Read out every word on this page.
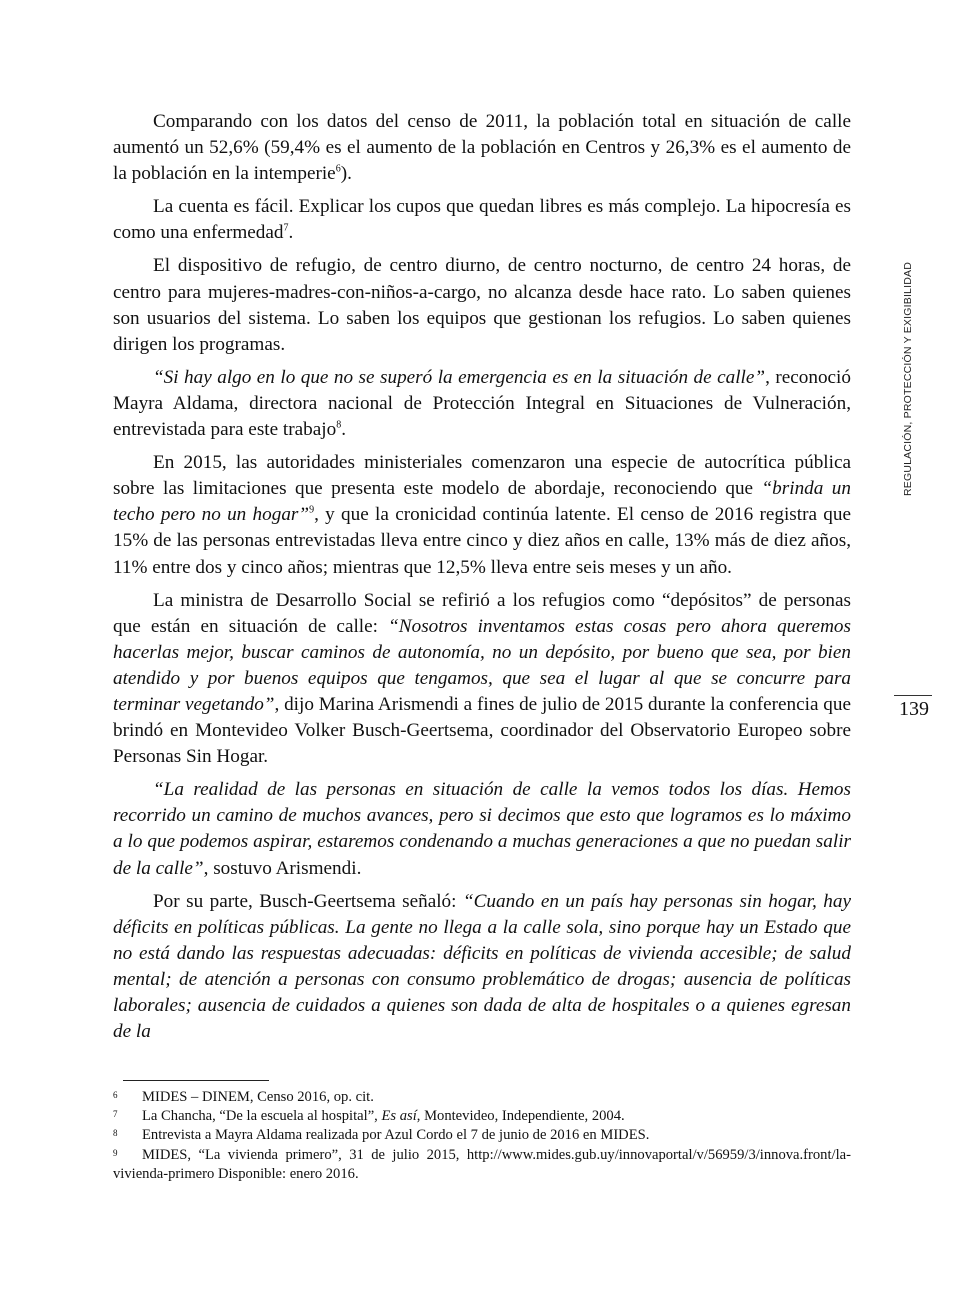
Comparando con los datos del censo de 2011, la población total en situación de calle aumentó un 52,6% (59,4% es el aumento de la población en Centros y 26,3% es el aumento de la población en la intemperie$^6$).

La cuenta es fácil. Explicar los cupos que quedan libres es más complejo. La hipocresía es como una enfermedad$^7$.

El dispositivo de refugio, de centro diurno, de centro nocturno, de centro 24 horas, de centro para mujeres-madres-con-niños-a-cargo, no alcanza desde hace rato. Lo saben quienes son usuarios del sistema. Lo saben los equipos que gestionan los refugios. Lo saben quienes dirigen los programas.

“Si hay algo en lo que no se superó la emergencia es en la situación de calle”, reconoció Mayra Aldama, directora nacional de Protección Integral en Situaciones de Vulneración, entrevistada para este trabajo$^8$.

En 2015, las autoridades ministeriales comenzaron una especie de autocrítica pública sobre las limitaciones que presenta este modelo de abordaje, reconociendo que “brinda un techo pero no un hogar”$^9$, y que la cronicidad continúa latente. El censo de 2016 registra que 15% de las personas entrevistadas lleva entre cinco y diez años en calle, 13% más de diez años, 11% entre dos y cinco años; mientras que 12,5% lleva entre seis meses y un año.

La ministra de Desarrollo Social se refirió a los refugios como “depósitos” de personas que están en situación de calle: “Nosotros inventamos estas cosas pero ahora queremos hacerlas mejor, buscar caminos de autonomía, no un depósito, por bueno que sea, por bien atendido y por buenos equipos que tengamos, que sea el lugar al que se concurre para terminar vegetando”, dijo Marina Arismendi a fines de julio de 2015 durante la conferencia que brindó en Montevideo Volker Busch-Geertsema, coordinador del Observatorio Europeo sobre Personas Sin Hogar.

“La realidad de las personas en situación de calle la vemos todos los días. Hemos recorrido un camino de muchos avances, pero si decimos que esto que logramos es lo máximo a lo que podemos aspirar, estaremos condenando a muchas generaciones a que no puedan salir de la calle”, sostuvo Arismendi.

Por su parte, Busch-Geertsema señaló: “Cuando en un país hay personas sin hogar, hay déficits en políticas públicas. La gente no llega a la calle sola, sino porque hay un Estado que no está dando las respuestas adecuadas: déficits en políticas de vivienda accesible; de salud mental; de atención a personas con consumo problemático de drogas; ausencia de políticas laborales; ausencia de cuidados a quienes son dada de alta de hospitales o a quienes egresan de la

REGULACIÓN, PROTECCIÓN Y EXIGIBILIDAD
139

6 MIDES – DINEM, Censo 2016, op. cit.

7 La Chancha, “De la escuela al hospital”, Es así, Montevideo, Independiente, 2004.

8 Entrevista a Mayra Aldama realizada por Azul Cordo el 7 de junio de 2016 en MIDES.

9 MIDES, “La vivienda primero”, 31 de julio 2015, http://www.mides.gub.uy/innovaportal/v/56959/3/innova.front/la-vivienda-primero Disponible: enero 2016.
